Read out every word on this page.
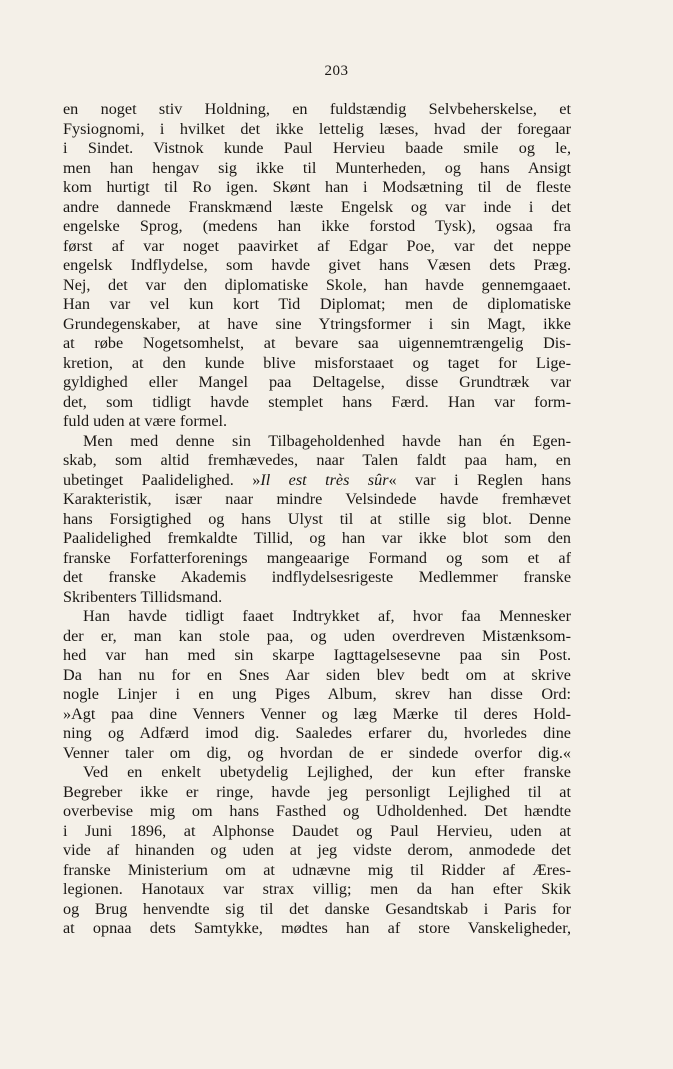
203
en noget stiv Holdning, en fuldstændig Selvbeherskelse, et
Fysiognomi, i hvilket det ikke lettelig læses, hvad der foregaar
i Sindet. Vistnok kunde Paul Hervieu baade smile og le,
men han hengav sig ikke til Munterheden, og hans Ansigt
kom hurtigt til Ro igen. Skønt han i Modsætning til de fleste
andre dannede Franskmænd læste Engelsk og var inde i det
engelske Sprog, (medens han ikke forstod Tysk), ogsaa fra
først af var noget paavirket af Edgar Poe, var det neppe
engelsk Indflydelse, som havde givet hans Væsen dets Præg.
Nej, det var den diplomatiske Skole, han havde gennemgaaet.
Han var vel kun kort Tid Diplomat; men de diplomatiske
Grundegenskaber, at have sine Ytringsformer i sin Magt, ikke
at røbe Nogetsomhelst, at bevare saa uigennemtrængelig Dis-
kretion, at den kunde blive misforstaaet og taget for Lige-
gyldighed eller Mangel paa Deltagelse, disse Grundtræk var
det, som tidligt havde stemplet hans Færd. Han var form-
fuld uden at være formel.
Men med denne sin Tilbageholdenhed havde han én Egen-
skab, som altid fremhævedes, naar Talen faldt paa ham, en
ubetinget Paalidelighed. »Il est très sûr« var i Reglen hans
Karakteristik, især naar mindre Velsindede havde fremhævet
hans Forsigtighed og hans Ulyst til at stille sig blot. Denne
Paalidelighed fremkaldte Tillid, og han var ikke blot som den
franske Forfatterforenings mangeaarige Formand og som et af
det franske Akademis indflydelsesrigeste Medlemmer franske
Skribenters Tillidsmand.
Han havde tidligt faaet Indtrykket af, hvor faa Mennesker
der er, man kan stole paa, og uden overdreven Mistænksom-
hed var han med sin skarpe Iagttagelsesevne paa sin Post.
Da han nu for en Snes Aar siden blev bedt om at skrive
nogle Linjer i en ung Piges Album, skrev han disse Ord:
»Agt paa dine Venners Venner og læg Mærke til deres Hold-
ning og Adfærd imod dig. Saaledes erfarer du, hvorledes dine
Venner taler om dig, og hvordan de er sindede overfor dig.«
Ved en enkelt ubetydelig Lejlighed, der kun efter franske
Begreber ikke er ringe, havde jeg personligt Lejlighed til at
overbevise mig om hans Fasthed og Udholdenhed. Det hændte
i Juni 1896, at Alphonse Daudet og Paul Hervieu, uden at
vide af hinanden og uden at jeg vidste derom, anmodede det
franske Ministerium om at udnævne mig til Ridder af Æres-
legionen. Hanotaux var strax villig; men da han efter Skik
og Brug henvendte sig til det danske Gesandtskab i Paris for
at opnaa dets Samtykke, mødtes han af store Vanskeligheder,
